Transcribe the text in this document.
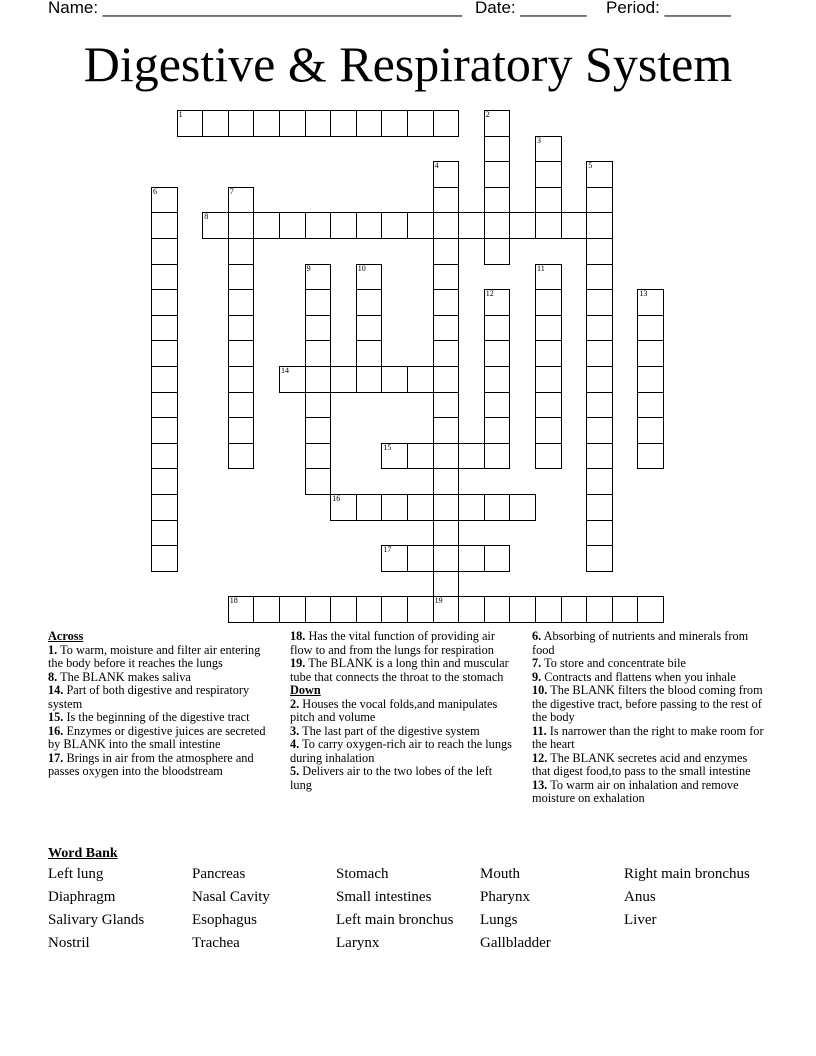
Name: ______________________________________ Date: _______ Period: _______
Digestive & Respiratory System
1	2
3
4
19
5
6	7
8
9	10	11
12	13
14
15
16
17
18
Across
1. To warm, moisture and filter air entering the body before it reaches the lungs
8. The BLANK makes saliva
14. Part of both digestive and respiratory system
15. Is the beginning of the digestive tract
16. Enzymes or digestive juices are secreted by BLANK into the small intestine
17. Brings in air from the atmosphere and passes oxygen into the bloodstream
18. Has the vital function of providing air flow to and from the lungs for respiration
19. The BLANK is a long thin and muscular tube that connects the throat to the stomach
Down
2. Houses the vocal folds,and manipulates pitch and volume
3. The last part of the digestive system
4. To carry oxygen-rich air to reach the lungs during inhalation
5. Delivers air to the two lobes of the left lung
6. Absorbing of nutrients and minerals from food
7. To store and concentrate bile
9. Contracts and flattens when you inhale
10. The BLANK filters the blood coming from the digestive tract, before passing to the rest of the body
11. Is narrower than the right to make room for the heart
12. The BLANK secretes acid and enzymes that digest food,to pass to the small intestine
13. To warm air on inhalation and remove moisture on exhalation
Word Bank
Left lung	Pancreas	Stomach	Mouth	Right main bronchus
Diaphragm	Nasal Cavity	Small intestines	Pharynx	Anus
Salivary Glands	Esophagus	Left main bronchus	Lungs	Liver
Nostril	Trachea	Larynx	Gallbladder
